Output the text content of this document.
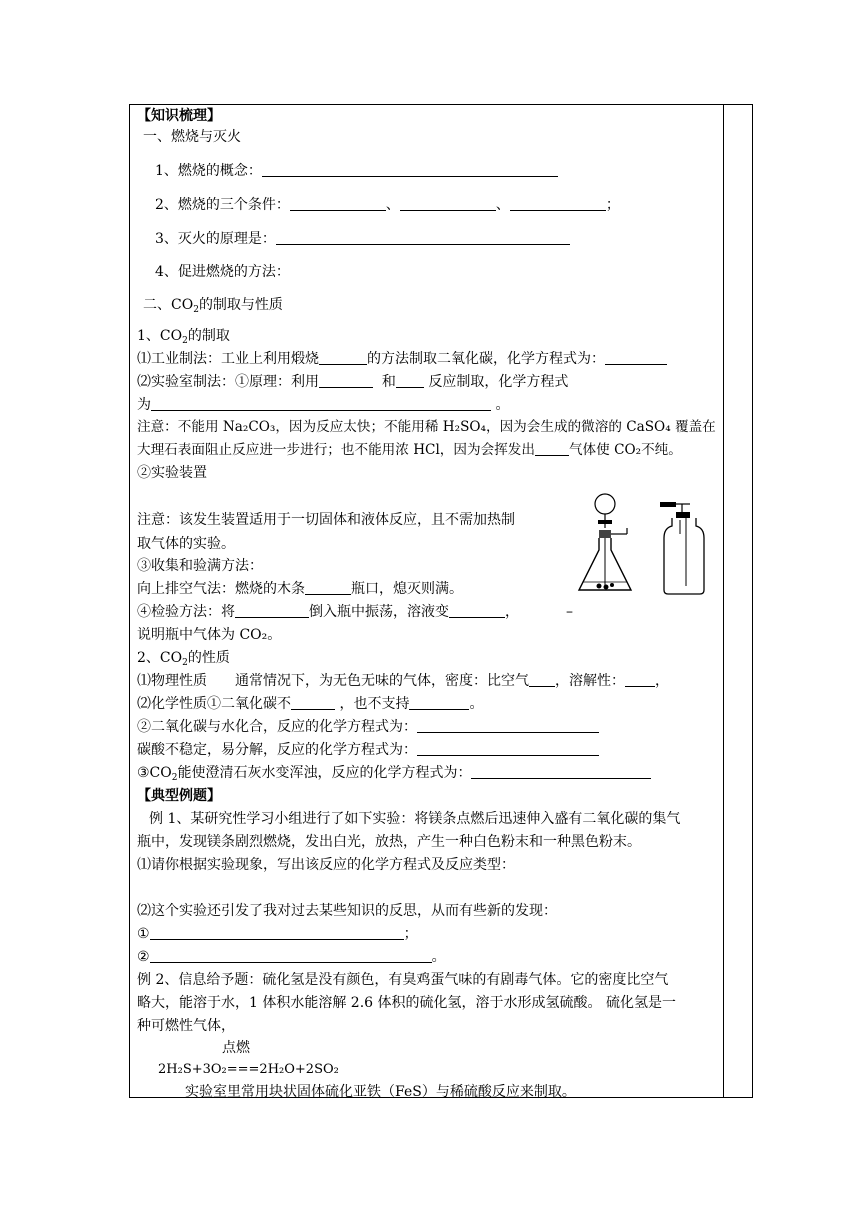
【知识梳理】
一、燃烧与灭火
1、燃烧的概念：
2、燃烧的三个条件：	、	、	；
3、灭火的原理是：
4、促进燃烧的方法：
二、$CO_2$的制取与性质
1、$CO_2$的制取
⑴工业制法：工业上利用煅烧	的方法制取二氧化碳，化学方程式为：
⑵实验室制法：①原理：利用	和 反应制取，化学方程式
为	。
注意：不能用 Na₂CO₃，因为反应太快；不能用稀 H₂SO₄，因为会生成的微溶的 CaSO₄ 覆盖在
大理石表面阻止反应进一步进行；也不能用浓 HCl，因为会挥发出	气体使 CO₂不纯。
②实验装置
注意：该发生装置适用于一切固体和液体反应，且不需加热制
取气体的实验。
③收集和验满方法：
向上排空气法：燃烧的木条	瓶口，熄灭则满。
④检验方法：将	倒入瓶中振荡，溶液变	，
说明瓶中气体为 CO₂。
2、$CO_2$的性质
⑴物理性质　　通常情况下，为无色无味的气体，密度：比空气 ，溶解性： ，
⑵化学性质①二氧化碳不	，也不支持	。
②二氧化碳与水化合，反应的化学方程式为：
碳酸不稳定，易分解，反应的化学方程式为：
$③CO_2$能使澄清石灰水变浑浊，反应的化学方程式为：
【典型例题】
例 1、某研究性学习小组进行了如下实验：将镁条点燃后迅速伸入盛有二氧化碳的集气
瓶中，发现镁条剧烈燃烧，发出白光，放热，产生一种白色粉末和一种黑色粉末。
⑴请你根据实验现象，写出该反应的化学方程式及反应类型：
⑵这个实验还引发了我对过去某些知识的反思，从而有些新的发现：
①	；
②	。
例 2、信息给予题：硫化氢是没有颜色，有臭鸡蛋气味的有剧毒气体。它的密度比空气
略大，能溶于水，1 体积水能溶解 2.6 体积的硫化氢，溶于水形成氢硫酸。 硫化氢是一
种可燃性气体，
点燃
2H₂S+3O₂===2H₂O+2SO₂
实验室里常用块状固体硫化亚铁（FeS）与稀硫酸反应来制取。
–
